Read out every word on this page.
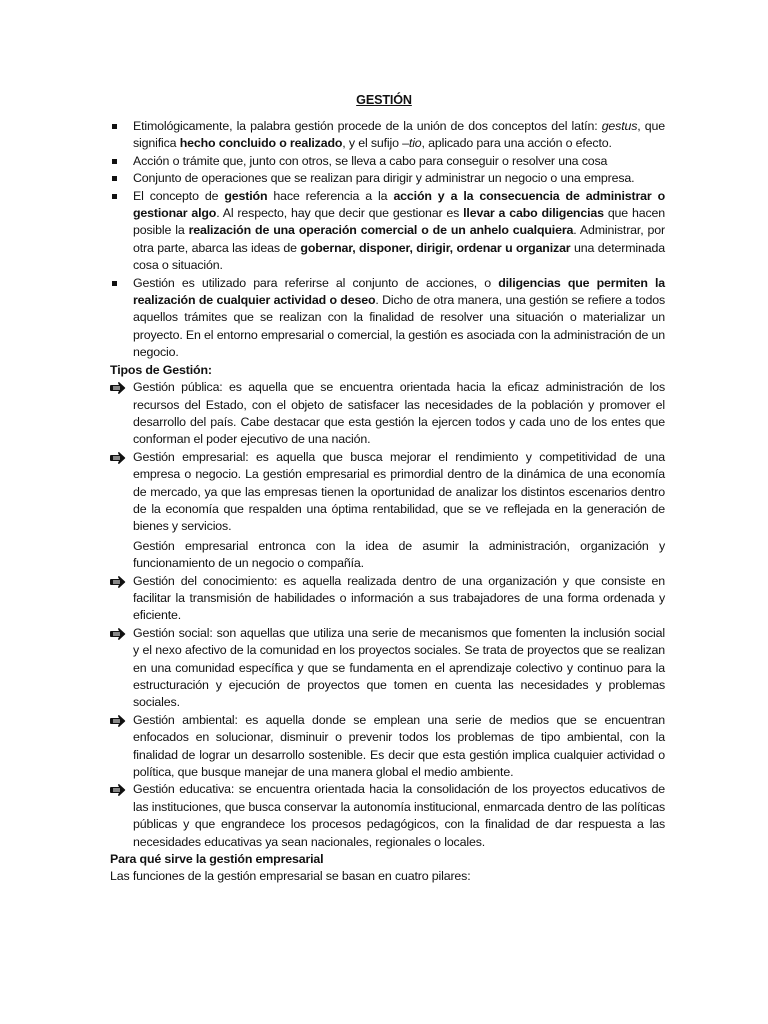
GESTIÓN
Etimológicamente, la palabra gestión procede de la unión de dos conceptos del latín: gestus, que significa hecho concluido o realizado, y el sufijo –tio, aplicado para una acción o efecto.
Acción o trámite que, junto con otros, se lleva a cabo para conseguir o resolver una cosa
Conjunto de operaciones que se realizan para dirigir y administrar un negocio o una empresa.
El concepto de gestión hace referencia a la acción y a la consecuencia de administrar o gestionar algo. Al respecto, hay que decir que gestionar es llevar a cabo diligencias que hacen posible la realización de una operación comercial o de un anhelo cualquiera. Administrar, por otra parte, abarca las ideas de gobernar, disponer, dirigir, ordenar u organizar una determinada cosa o situación.
Gestión es utilizado para referirse al conjunto de acciones, o diligencias que permiten la realización de cualquier actividad o deseo. Dicho de otra manera, una gestión se refiere a todos aquellos trámites que se realizan con la finalidad de resolver una situación o materializar un proyecto. En el entorno empresarial o comercial, la gestión es asociada con la administración de un negocio.

Tipos de Gestión:

Gestión pública: es aquella que se encuentra orientada hacia la eficaz administración de los recursos del Estado, con el objeto de satisfacer las necesidades de la población y promover el desarrollo del país. Cabe destacar que esta gestión la ejercen todos y cada uno de los entes que conforman el poder ejecutivo de una nación.
Gestión empresarial: es aquella que busca mejorar el rendimiento y competitividad de una empresa o negocio. La gestión empresarial es primordial dentro de la dinámica de una economía de mercado, ya que las empresas tienen la oportunidad de analizar los distintos escenarios dentro de la economía que respalden una óptima rentabilidad, que se ve reflejada en la generación de bienes y servicios.
Gestión empresarial entronca con la idea de asumir la administración, organización y funcionamiento de un negocio o compañía.
Gestión del conocimiento: es aquella realizada dentro de una organización y que consiste en facilitar la transmisión de habilidades o información a sus trabajadores de una forma ordenada y eficiente.
Gestión social: son aquellas que utiliza una serie de mecanismos que fomenten la inclusión social y el nexo afectivo de la comunidad en los proyectos sociales. Se trata de proyectos que se realizan en una comunidad específica y que se fundamenta en el aprendizaje colectivo y continuo para la estructuración y ejecución de proyectos que tomen en cuenta las necesidades y problemas sociales.
Gestión ambiental: es aquella donde se emplean una serie de medios que se encuentran enfocados en solucionar, disminuir o prevenir todos los problemas de tipo ambiental, con la finalidad de lograr un desarrollo sostenible. Es decir que esta gestión implica cualquier actividad o política, que busque manejar de una manera global el medio ambiente.
Gestión educativa: se encuentra orientada hacia la consolidación de los proyectos educativos de las instituciones, que busca conservar la autonomía institucional, enmarcada dentro de las políticas públicas y que engrandece los procesos pedagógicos, con la finalidad de dar respuesta a las necesidades educativas ya sean nacionales, regionales o locales.

Para qué sirve la gestión empresarial

Las funciones de la gestión empresarial se basan en cuatro pilares:
